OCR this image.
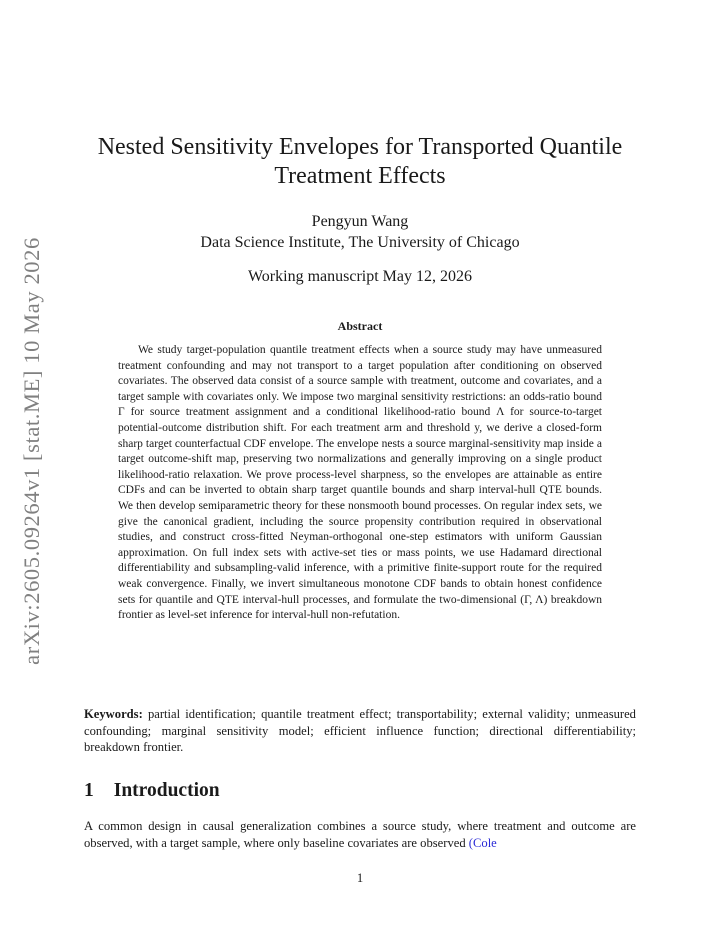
arXiv:2605.09264v1 [stat.ME] 10 May 2026
Nested Sensitivity Envelopes for Transported Quantile Treatment Effects
Pengyun Wang
Data Science Institute, The University of Chicago
Working manuscript May 12, 2026
Abstract

We study target-population quantile treatment effects when a source study may have unmeasured treatment confounding and may not transport to a target population after conditioning on observed covariates. The observed data consist of a source sample with treatment, outcome and covariates, and a target sample with covariates only. We impose two marginal sensitivity restrictions: an odds-ratio bound Γ for source treatment assignment and a conditional likelihood-ratio bound Λ for source-to-target potential-outcome distribution shift. For each treatment arm and threshold y, we derive a closed-form sharp target counterfactual CDF envelope. The envelope nests a source marginal-sensitivity map inside a target outcome-shift map, preserving two normalizations and generally improving on a single product likelihood-ratio relaxation. We prove process-level sharpness, so the envelopes are attainable as entire CDFs and can be inverted to obtain sharp target quantile bounds and sharp interval-hull QTE bounds. We then develop semiparametric theory for these nonsmooth bound processes. On regular index sets, we give the canonical gradient, including the source propensity contribution required in observational studies, and construct cross-fitted Neyman-orthogonal one-step estimators with uniform Gaussian approximation. On full index sets with active-set ties or mass points, we use Hadamard directional differentiability and subsampling-valid inference, with a primitive finite-support route for the required weak convergence. Finally, we invert simultaneous monotone CDF bands to obtain honest confidence sets for quantile and QTE interval-hull processes, and formulate the two-dimensional (Γ, Λ) breakdown frontier as level-set inference for interval-hull non-refutation.

Keywords: partial identification; quantile treatment effect; transportability; external validity; unmeasured confounding; marginal sensitivity model; efficient influence function; directional differentiability; breakdown frontier.

1 Introduction

A common design in causal generalization combines a source study, where treatment and outcome are observed, with a target sample, where only baseline covariates are observed (Cole

1
